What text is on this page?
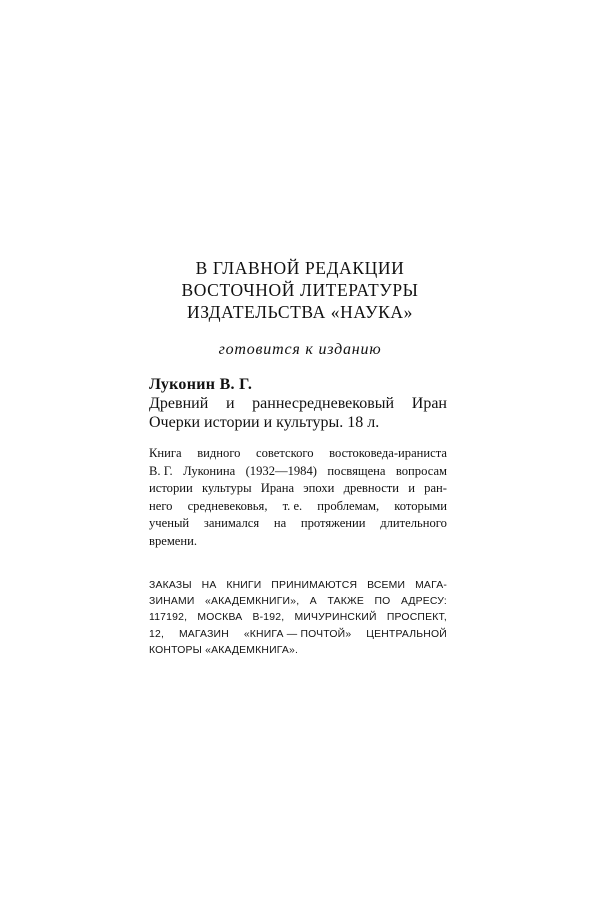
В ГЛАВНОЙ РЕДАКЦИИ
ВОСТОЧНОЙ ЛИТЕРАТУРЫ
ИЗДАТЕЛЬСТВА «НАУКА»
готовится к изданию
Луконин В. Г.
Древний и раннесредневековый Иран
Очерки истории и культуры. 18 л.
Книга видного советского востоковеда-ираниста
В. Г. Луконина (1932—1984) посвящена вопросам
истории культуры Ирана эпохи древности и ран-
него средневековья, т. е. проблемам, которыми
ученый занимался на протяжении длительного
времени.
ЗАКАЗЫ НА КНИГИ ПРИНИМАЮТСЯ ВСЕМИ МАГА-
ЗИНАМИ «АКАДЕМКНИГИ», А ТАКЖЕ ПО АДРЕСУ:
117192, МОСКВА В-192, МИЧУРИНСКИЙ ПРОСПЕКТ,
12, МАГАЗИН «КНИГА — ПОЧТОЙ» ЦЕНТРАЛЬНОЙ
КОНТОРЫ «АКАДЕМКНИГА».
